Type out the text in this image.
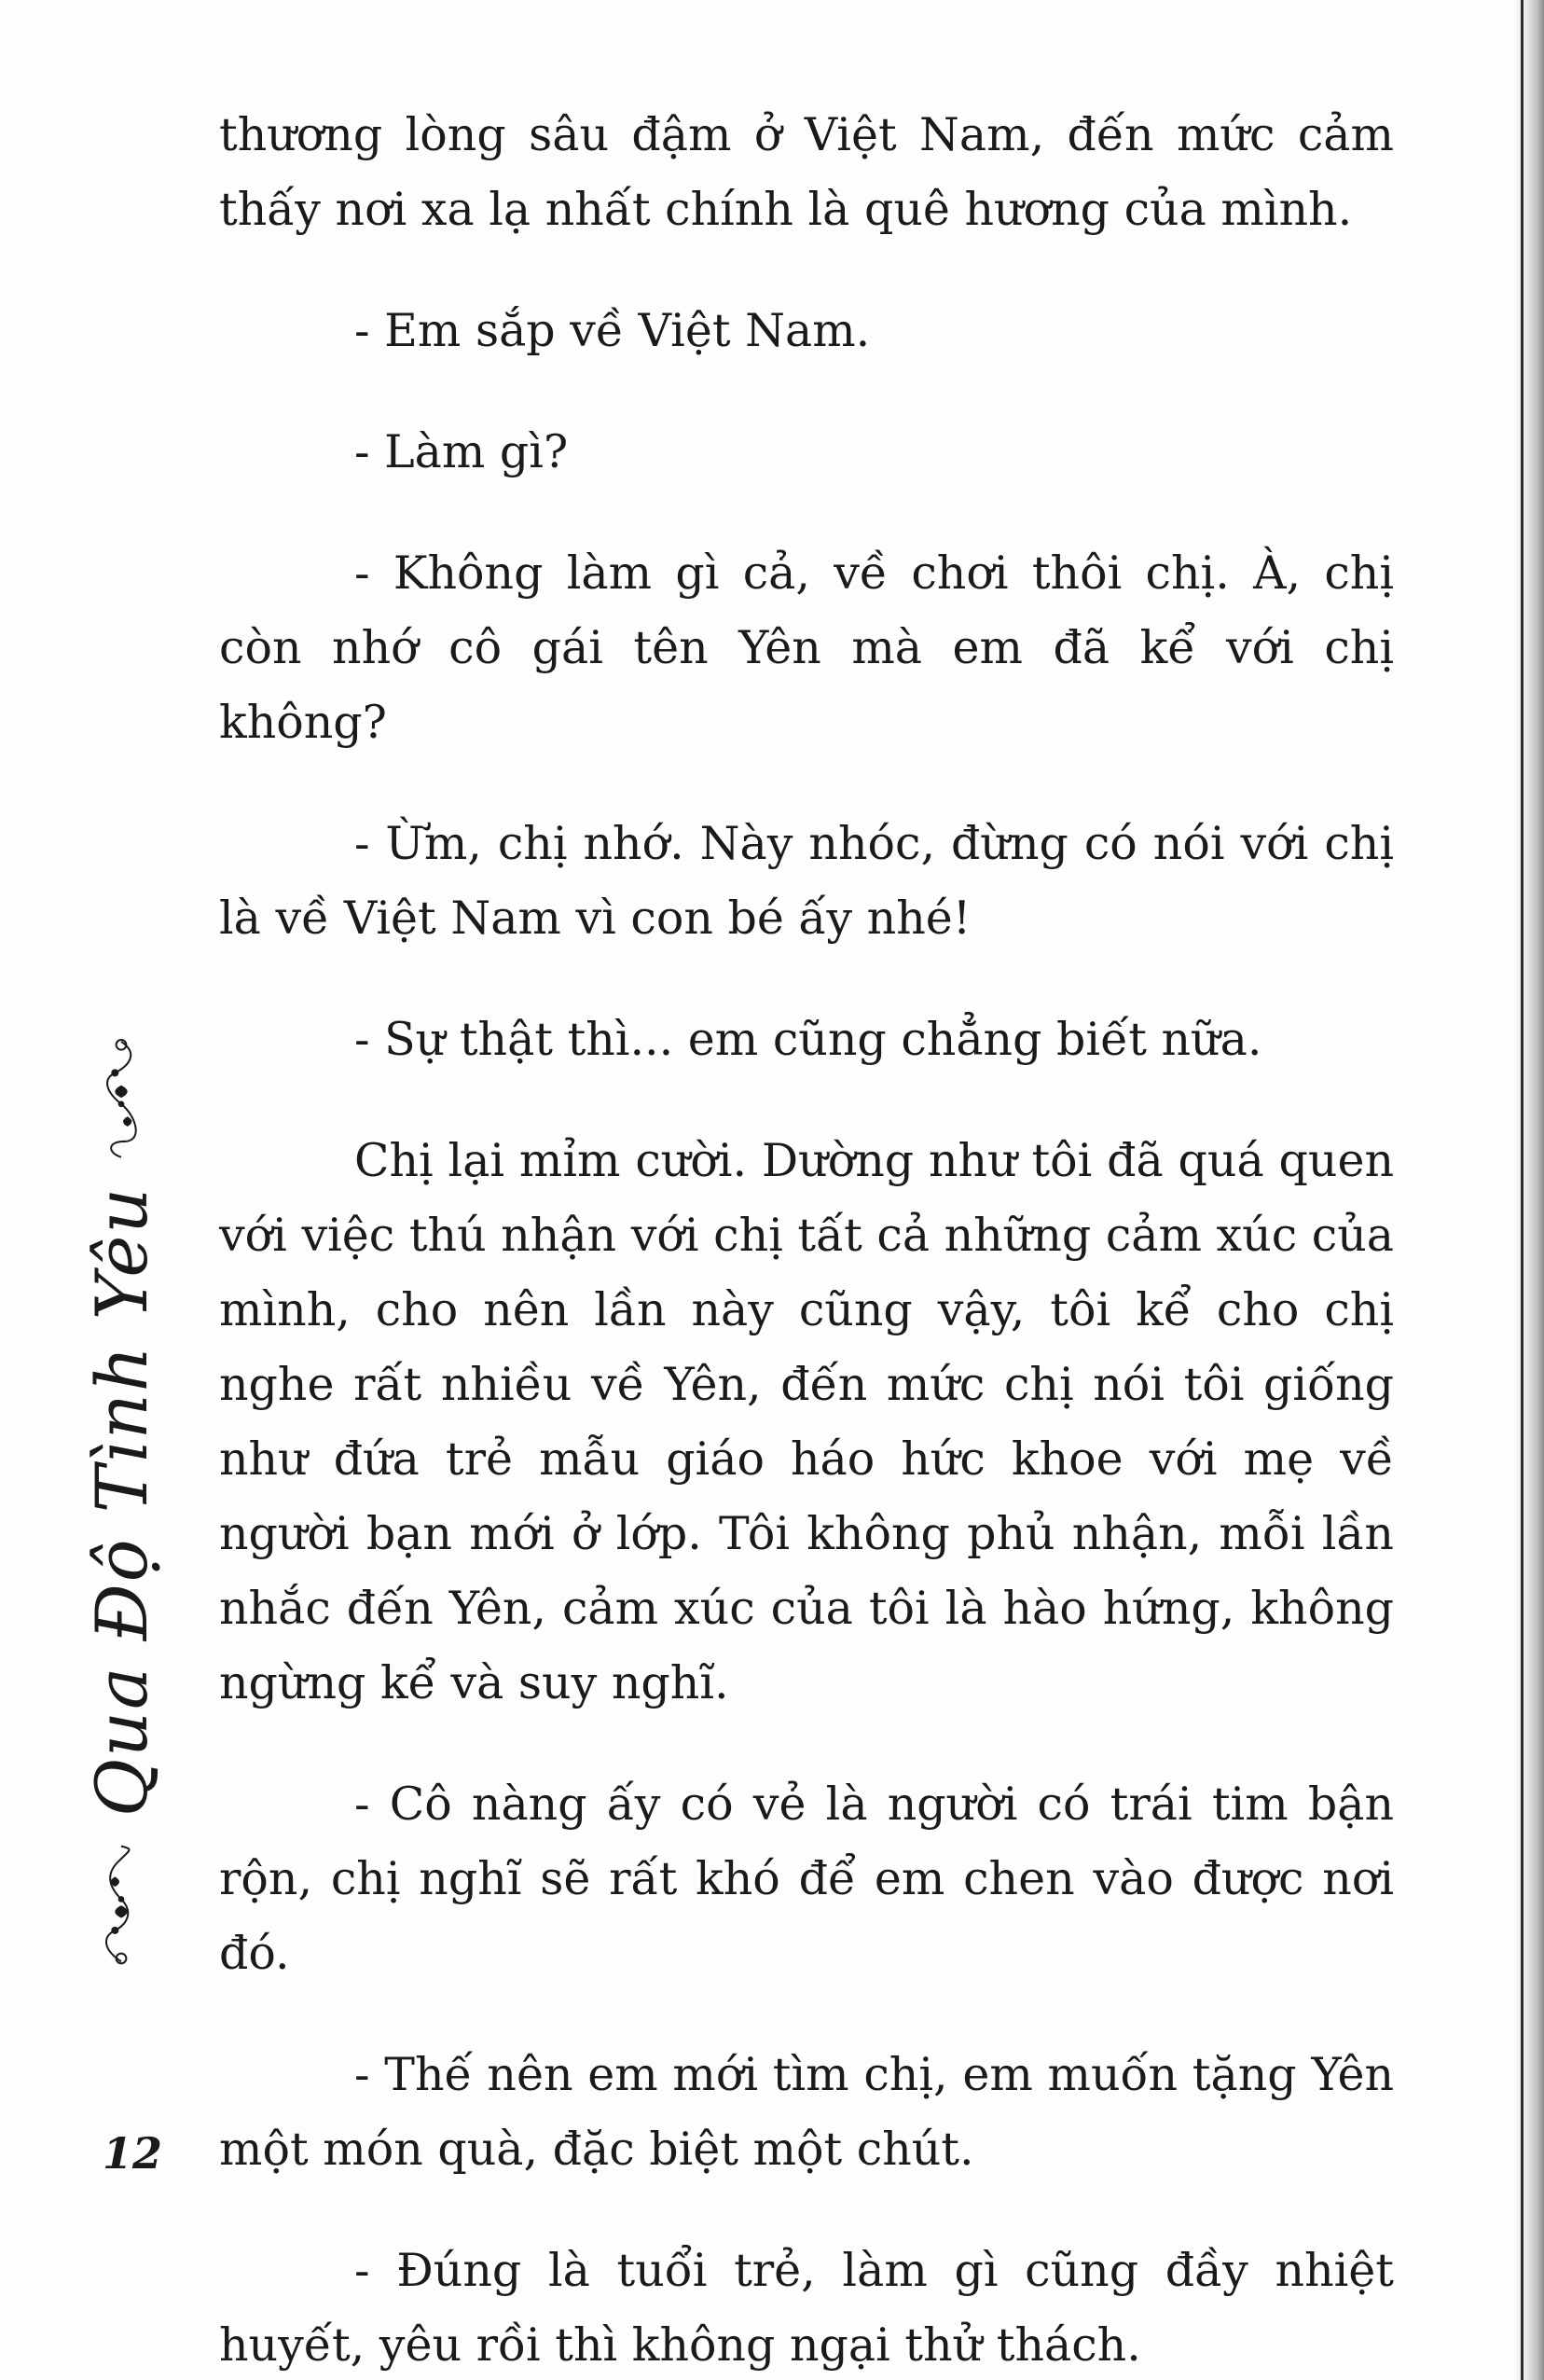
thương lòng sâu đậm ở Việt Nam, đến mức cảm thấy nơi xa lạ nhất chính là quê hương của mình.

- Em sắp về Việt Nam.

- Làm gì?

- Không làm gì cả, về chơi thôi chị. À, chị còn nhớ cô gái tên Yên mà em đã kể với chị không?

- Ừm, chị nhớ. Này nhóc, đừng có nói với chị là về Việt Nam vì con bé ấy nhé!

- Sự thật thì... em cũng chẳng biết nữa.

Chị lại mỉm cười. Dường như tôi đã quá quen với việc thú nhận với chị tất cả những cảm xúc của mình, cho nên lần này cũng vậy, tôi kể cho chị nghe rất nhiều về Yên, đến mức chị nói tôi giống như đứa trẻ mẫu giáo háo hức khoe với mẹ về người bạn mới ở lớp. Tôi không phủ nhận, mỗi lần nhắc đến Yên, cảm xúc của tôi là hào hứng, không ngừng kể và suy nghĩ.

- Cô nàng ấy có vẻ là người có trái tim bận rộn, chị nghĩ sẽ rất khó để em chen vào được nơi đó.

- Thế nên em mới tìm chị, em muốn tặng Yên một món quà, đặc biệt một chút.

- Đúng là tuổi trẻ, làm gì cũng đầy nhiệt huyết, yêu rồi thì không ngại thử thách.

Qua Độ Tình Yêu
12
